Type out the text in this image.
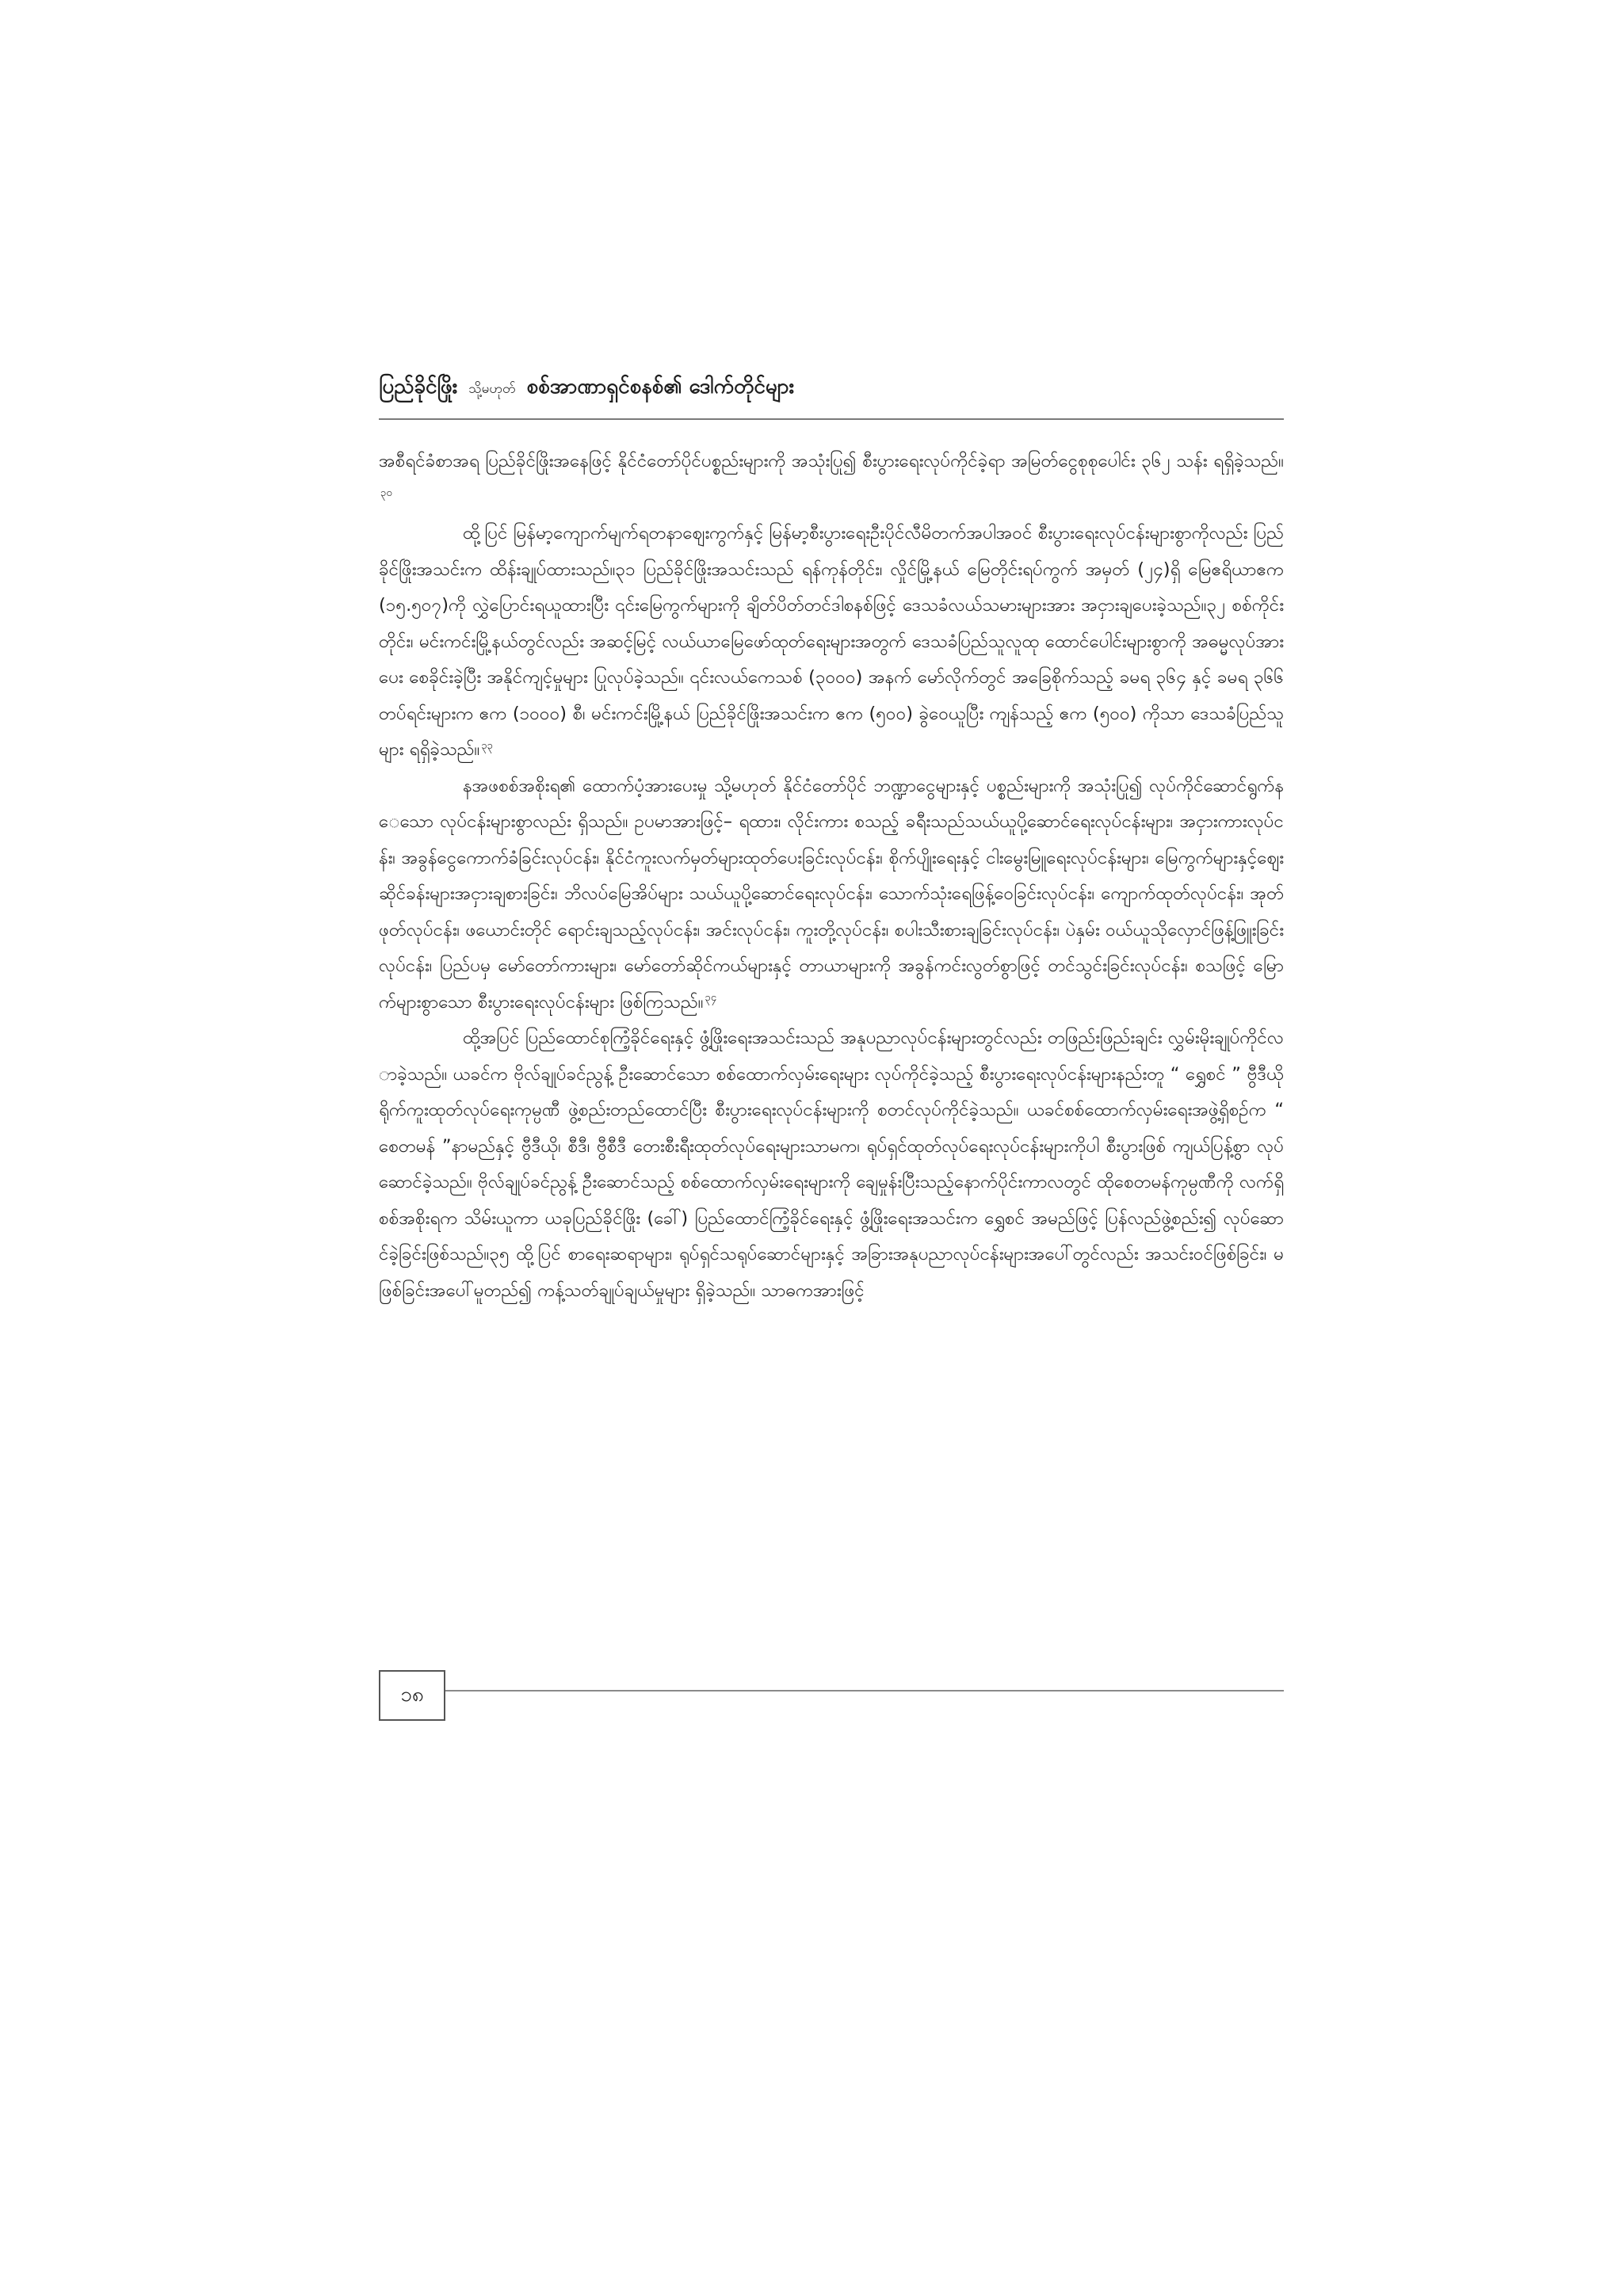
ပြည်ခိုင်ဖြိုး သို့မဟုတ် စစ်အာဏာရှင်စနစ်၏ ဒေါက်တိုင်များ

အစီရင်ခံစာအရ ပြည်ခိုင်ဖြိုးအနေဖြင့် နိုင်ငံတော်ပိုင်ပစ္စည်းများကို အသုံးပြု၍ စီးပွားရေးလုပ်ကိုင်ခဲ့ရာ အမြတ်ငွေစုစုပေါင်း ၃၆၂ သန်း ရရှိခဲ့သည်။$^{၃၀}$

ထို့ပြင် မြန်မာ့ကျောက်မျက်ရတနာဈေးကွက်နှင့် မြန်မာ့စီးပွားရေးဦးပိုင်လီမိတက်အပါအဝင် စီးပွားရေးလုပ်ငန်းများစွာကိုလည်း ပြည်ခိုင်ဖြိုးအသင်းက ထိန်းချုပ်ထားသည်။၃၁ ပြည်ခိုင်ဖြိုးအသင်းသည် ရန်ကုန်တိုင်း၊ လှိုင်မြို့နယ် မြေတိုင်းရပ်ကွက် အမှတ် (၂၄)ရှိ မြေဧရိယာဧက (၁၅.၅၀၇)ကို လွှဲပြောင်းရယူထားပြီး ၎င်းမြေကွက်များကို ချိတ်ပိတ်တင်ဒါစနစ်ဖြင့် ဒေသခံလယ်သမားများအား အငှားချပေးခဲ့သည်။၃၂ စစ်ကိုင်းတိုင်း၊ မင်းကင်းမြို့နယ်တွင်လည်း အဆင့်မြင့် လယ်ယာမြေဖော်ထုတ်ရေးများအတွက် ဒေသခံပြည်သူလူထု ထောင်ပေါင်းများစွာကို အဓမ္မလုပ်အားပေး စေခိုင်းခဲ့ပြီး အနိုင်ကျင့်မှုများ ပြုလုပ်ခဲ့သည်။ ၎င်းလယ်ကေသစ် (၃၀၀၀) အနက် မော်လိုက်တွင် အခြေစိုက်သည့် ခမရ ၃၆၄ နှင့် ခမရ ၃၆၆ တပ်ရင်းများက ဧက (၁၀၀၀) စီ၊ မင်းကင်းမြို့နယ် ပြည်ခိုင်ဖြိုးအသင်းက ဧက (၅၀၀) ခွဲဝေယူပြီး ကျန်သည့် ဧက (၅၀၀) ကိုသာ ဒေသခံပြည်သူများ ရရှိခဲ့သည်။ $^{၃၃}$

နအဖစစ်အစိုးရ၏ ထောက်ပံ့အားပေးမှု သို့မဟုတ် နိုင်ငံတော်ပိုင် ဘဏ္ဍာငွေများနှင့် ပစ္စည်းများကို အသုံးပြု၍ လုပ်ကိုင်ဆောင်ရွက်နေသော လုပ်ငန်းများစွာလည်း ရှိသည်။ ဥပမာအားဖြင့်– ရထား၊ လိုင်းကား စသည့် ခရီးသည်သယ်ယူပို့ဆောင်ရေးလုပ်ငန်းများ၊ အငှားကားလုပ်ငန်း၊ အခွန်ငွေကောက်ခံခြင်းလုပ်ငန်း၊ နိုင်ငံကူးလက်မှတ်များထုတ်ပေးခြင်းလုပ်ငန်း၊ စိုက်ပျိုးရေးနှင့် ငါးမွေးမြူရေးလုပ်ငန်းများ၊ မြေကွက်များနှင့်ဈေးဆိုင်ခန်းများအငှားချစားခြင်း၊ ဘိလပ်မြေအိပ်များ သယ်ယူပို့ဆောင်ရေးလုပ်ငန်း၊ သောက်သုံးရေဖြန့်ဝေခြင်းလုပ်ငန်း၊ ကျောက်ထုတ်လုပ်ငန်း၊ အုတ်ဖုတ်လုပ်ငန်း၊ ဖယောင်းတိုင် ရောင်းချသည့်လုပ်ငန်း၊ အင်းလုပ်ငန်း၊ ကူးတို့လုပ်ငန်း၊ စပါးသီးစားချခြင်းလုပ်ငန်း၊ ပဲနှမ်း ဝယ်ယူသိုလှောင်ဖြန့်ဖြူးခြင်းလုပ်ငန်း၊ ပြည်ပမှ မော်တော်ကားများ၊ မော်တော်ဆိုင်ကယ်များနှင့် တာယာများကို အခွန်ကင်းလွတ်စွာဖြင့် တင်သွင်းခြင်းလုပ်ငန်း၊ စသဖြင့် မြောက်များစွာသော စီးပွားရေးလုပ်ငန်းများ ဖြစ်ကြသည်။ $^{၃၄}$

ထို့အပြင် ပြည်ထောင်စုကြံ့ခိုင်ရေးနှင့် ဖွံ့ဖြိုးရေးအသင်းသည် အနုပညာလုပ်ငန်းများတွင်လည်း တဖြည်းဖြည်းချင်း လွှမ်းမိုးချုပ်ကိုင်လာခဲ့သည်။ ယခင်က ဗိုလ်ချုပ်ခင်ညွန့် ဦးဆောင်သော စစ်ထောက်လှမ်းရေးများ လုပ်ကိုင်ခဲ့သည့် စီးပွားရေးလုပ်ငန်းများနည်းတူ “ ရွှေစင် ” ဗွီဒီယို ရိုက်ကူးထုတ်လုပ်ရေးကုမ္ပဏီ ဖွဲ့စည်းတည်ထောင်ပြီး စီးပွားရေးလုပ်ငန်းများကို စတင်လုပ်ကိုင်ခဲ့သည်။ ယခင်စစ်ထောက်လှမ်းရေးအဖွဲ့ရှိစဉ်က “ စေတမန် ”နာမည်နှင့် ဗွီဒီယို၊ စီဒီ၊ ဗွီစီဒီ တေးစီးရီးထုတ်လုပ်ရေးများသာမက၊ ရုပ်ရှင်ထုတ်လုပ်ရေးလုပ်ငန်းများကိုပါ စီးပွားဖြစ် ကျယ်ပြန့်စွာ လုပ်ဆောင်ခဲ့သည်။ ဗိုလ်ချုပ်ခင်ညွန့် ဦးဆောင်သည့် စစ်ထောက်လှမ်းရေးများကို ချေမှုန်းပြီးသည့်နောက်ပိုင်းကာလတွင် ထိုစေတမန်ကုမ္ပဏီကို လက်ရှိစစ်အစိုးရက သိမ်းယူကာ ယခုပြည်ခိုင်ဖြိုး (ခေါ်) ပြည်ထောင်ကြံ့ခိုင်ရေးနှင့် ဖွံ့ဖြိုးရေးအသင်းက ရွှေစင် အမည်ဖြင့် ပြန်လည်ဖွဲ့စည်း၍ လုပ်ဆောင်ခဲ့ခြင်းဖြစ်သည်။၃၅ ထို့ပြင် စာရေးဆရာများ၊ ရုပ်ရှင်သရုပ်ဆောင်များနှင့် အခြားအနုပညာလုပ်ငန်းများအပေါ်တွင်လည်း အသင်းဝင်ဖြစ်ခြင်း၊ မဖြစ်ခြင်းအပေါ်မူတည်၍ ကန့်သတ်ချုပ်ချယ်မှုများ ရှိခဲ့သည်။ သာဓကအားဖြင့်

၁၈
